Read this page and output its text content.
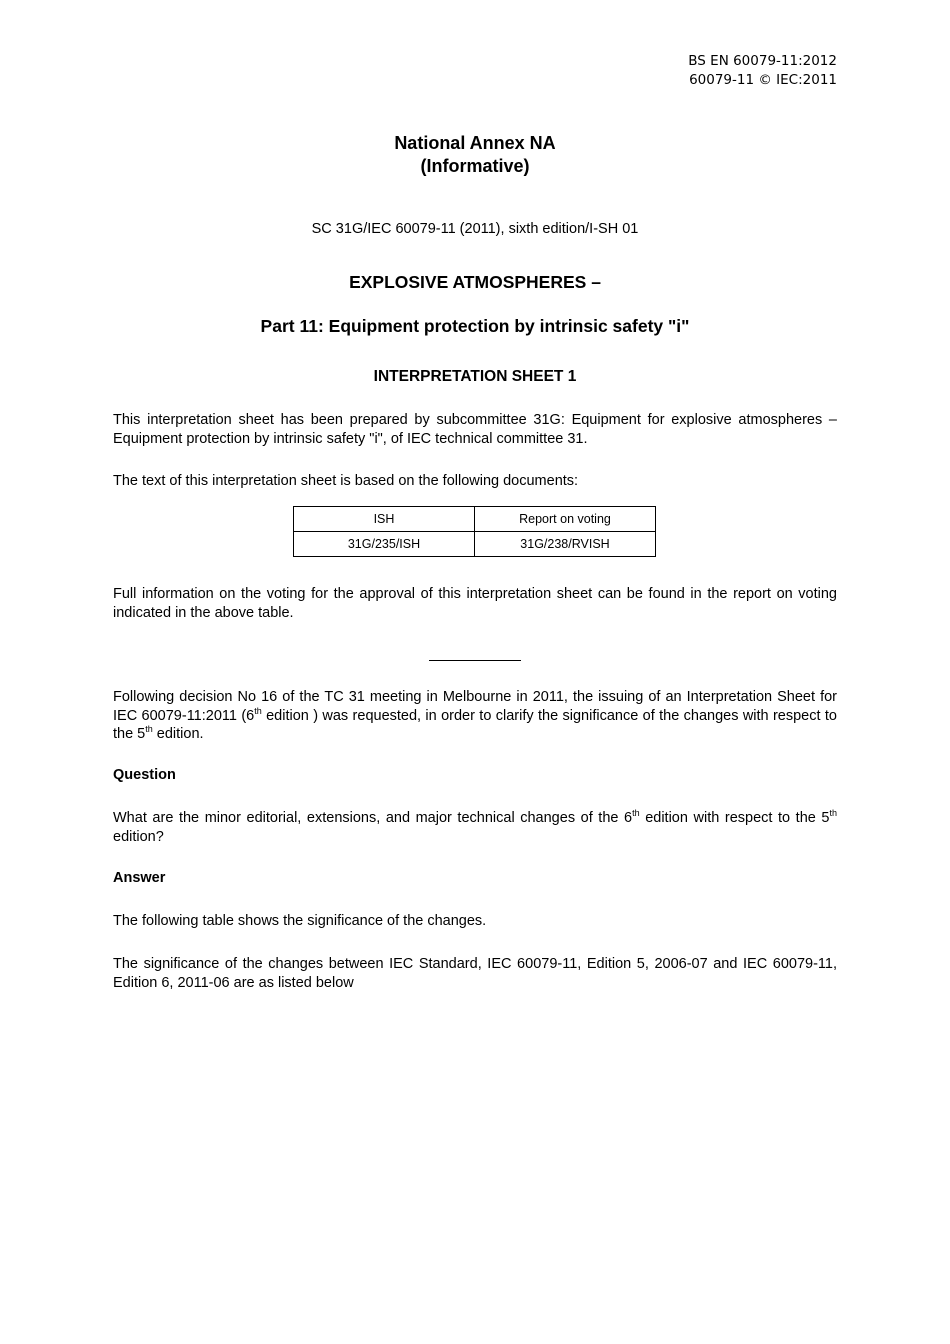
BS EN 60079-11:2012
60079-11 © IEC:2011
National Annex NA
(Informative)
SC 31G/IEC 60079-11 (2011), sixth edition/I-SH 01
EXPLOSIVE ATMOSPHERES –
Part 11: Equipment protection by intrinsic safety "i"
INTERPRETATION SHEET 1

This interpretation sheet has been prepared by subcommittee 31G: Equipment for explosive atmospheres – Equipment protection by intrinsic safety "i", of IEC technical committee 31.

The text of this interpretation sheet is based on the following documents:

ISH	Report on voting
31G/235/ISH	31G/238/RVISH

Full information on the voting for the approval of this interpretation sheet can be found in the report on voting indicated in the above table.

Following decision No 16 of the TC 31 meeting in Melbourne in 2011, the issuing of an Interpretation Sheet for IEC 60079-11:2011 (6th edition ) was requested, in order to clarify the significance of the changes with respect to the 5th edition.

Question

What are the minor editorial, extensions, and major technical changes of the 6th edition with respect to the 5th edition?

Answer

The following table shows the significance of the changes.

The significance of the changes between IEC Standard, IEC 60079-11, Edition 5, 2006-07 and IEC 60079-11, Edition 6, 2011-06 are as listed below
